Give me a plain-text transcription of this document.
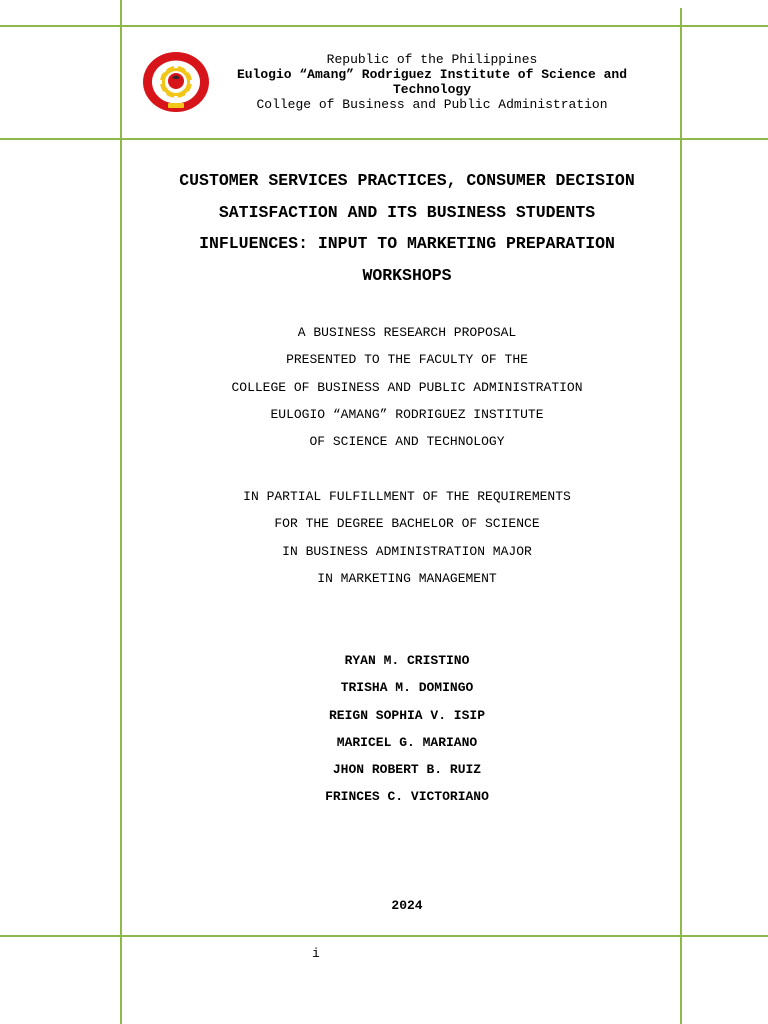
Republic of the Philippines
Eulogio “Amang” Rodriguez Institute of Science and Technology
College of Business and Public Administration
CUSTOMER SERVICES PRACTICES, CONSUMER DECISION
SATISFACTION AND ITS BUSINESS STUDENTS
INFLUENCES: INPUT TO MARKETING PREPARATION
WORKSHOPS
A BUSINESS RESEARCH PROPOSAL
PRESENTED TO THE FACULTY OF THE
COLLEGE OF BUSINESS AND PUBLIC ADMINISTRATION
EULOGIO “AMANG” RODRIGUEZ INSTITUTE
OF SCIENCE AND TECHNOLOGY
IN PARTIAL FULFILLMENT OF THE REQUIREMENTS
FOR THE DEGREE BACHELOR OF SCIENCE
IN BUSINESS ADMINISTRATION MAJOR
IN MARKETING MANAGEMENT
RYAN M. CRISTINO
TRISHA M. DOMINGO
REIGN SOPHIA V. ISIP
MARICEL G. MARIANO
JHON ROBERT B. RUIZ
FRINCES C. VICTORIANO
2024
i
